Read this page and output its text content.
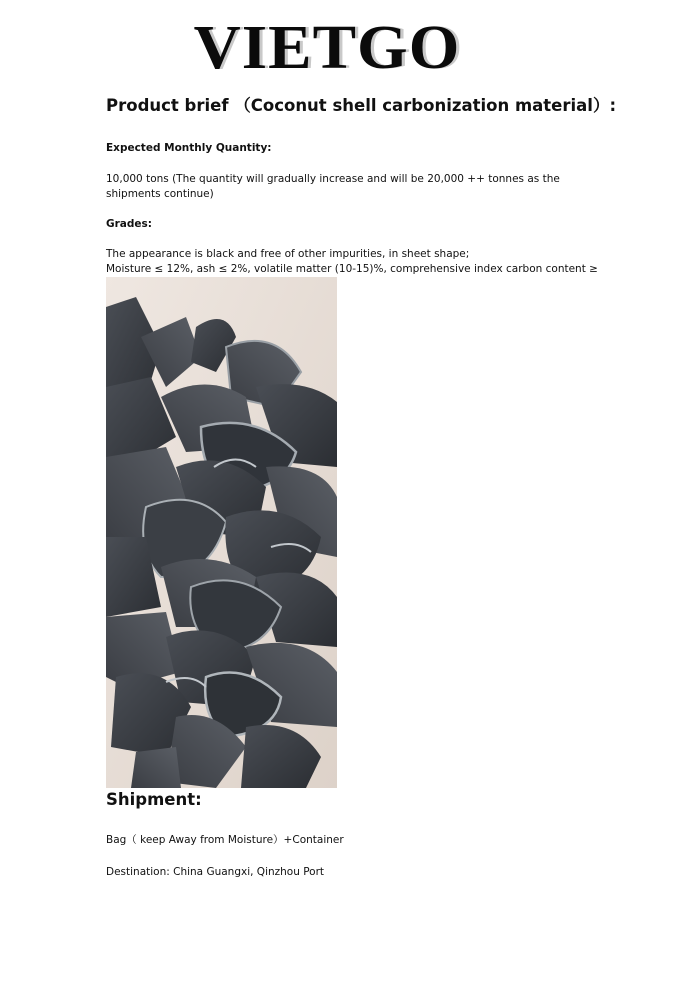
VIETGO
Product brief （Coconut shell carbonization material）:
Expected Monthly Quantity:
10,000 tons (The quantity will gradually increase and will be 20,000 ++ tonnes as the shipments continue)
Grades:
The appearance is black and free of other impurities, in sheet shape;
Moisture ≤ 12%, ash ≤ 2%, volatile matter (10-15)%, comprehensive index carbon content ≥
Shipment:
Bag（ keep Away from Moisture）+Container
Destination: China Guangxi, Qinzhou Port
